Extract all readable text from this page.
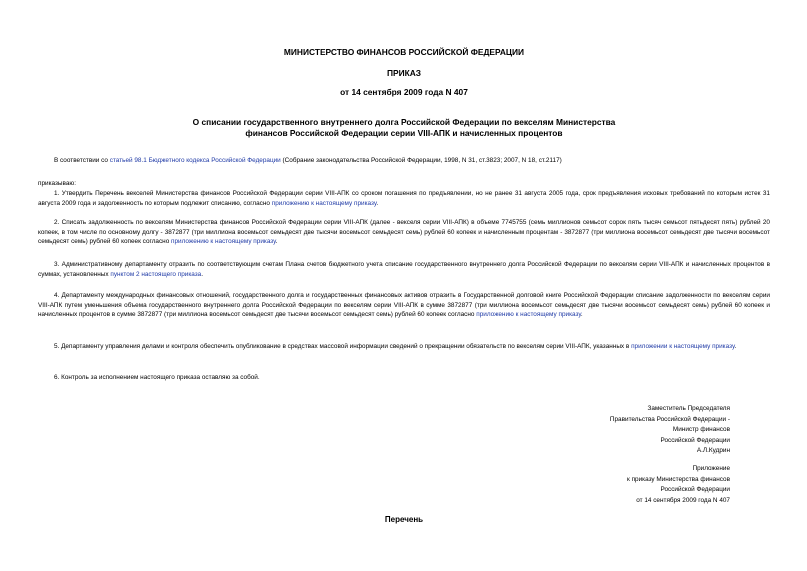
МИНИСТЕРСТВО ФИНАНСОВ РОССИЙСКОЙ ФЕДЕРАЦИИ
ПРИКАЗ
от 14 сентября 2009 года N 407
О списании государственного внутреннего долга Российской Федерации по векселям Министерства
финансов Российской Федерации серии VIII-АПК и начисленных процентов

В соответствии со статьей 98.1 Бюджетного кодекса Российской Федерации (Собрание законодательства Российской Федерации, 1998, N 31, ст.3823; 2007, N 18, ст.2117)

приказываю:

1. Утвердить Перечень векселей Министерства финансов Российской Федерации серии VIII-АПК со сроком погашения по предъявлении, но не ранее 31 августа 2005 года, срок предъявления исковых требований по которым истек 31 августа 2009 года и задолженность по которым подлежит списанию, согласно приложению к настоящему приказу.

2. Списать задолженность по векселям Министерства финансов Российской Федерации серии VIII-АПК (далее - векселя серии VIII-АПК) в объеме 7745755 (семь миллионов семьсот сорок пять тысяч семьсот пятьдесят пять) рублей 20 копеек, в том числе по основному долгу - 3872877 (три миллиона восемьсот семьдесят две тысячи восемьсот семьдесят семь) рублей 60 копеек и начисленным процентам - 3872877 (три миллиона восемьсот семьдесят две тысячи восемьсот семьдесят семь) рублей 60 копеек согласно приложению к настоящему приказу.

3. Административному департаменту отразить по соответствующим счетам Плана счетов бюджетного учета списание государственного внутреннего долга Российской Федерации по векселям серии VIII-АПК и начисленных процентов в суммах, установленных пунктом 2 настоящего приказа.

4. Департаменту международных финансовых отношений, государственного долга и государственных финансовых активов отразить в Государственной долговой книге Российской Федерации списание задолженности по векселям серии VIII-АПК путем уменьшения объема государственного внутреннего долга Российской Федерации по векселям серии VIII-АПК в сумме 3872877 (три миллиона восемьсот семьдесят две тысячи восемьсот семьдесят семь) рублей 60 копеек и начисленных процентов в сумме 3872877 (три миллиона восемьсот семьдесят две тысячи восемьсот семьдесят семь) рублей 60 копеек согласно приложению к настоящему приказу.

5. Департаменту управления делами и контроля обеспечить опубликование в средствах массовой информации сведений о прекращении обязательств по векселям серии VIII-АПК, указанных в приложении к настоящему приказу.

6. Контроль за исполнением настоящего приказа оставляю за собой.

Заместитель Председателя
Правительства Российской Федерации -
Министр финансов
Российской Федерации
А.Л.Кудрин
Приложение
к приказу Министерства финансов
Российской Федерации
от 14 сентября 2009 года N 407
Перечень
